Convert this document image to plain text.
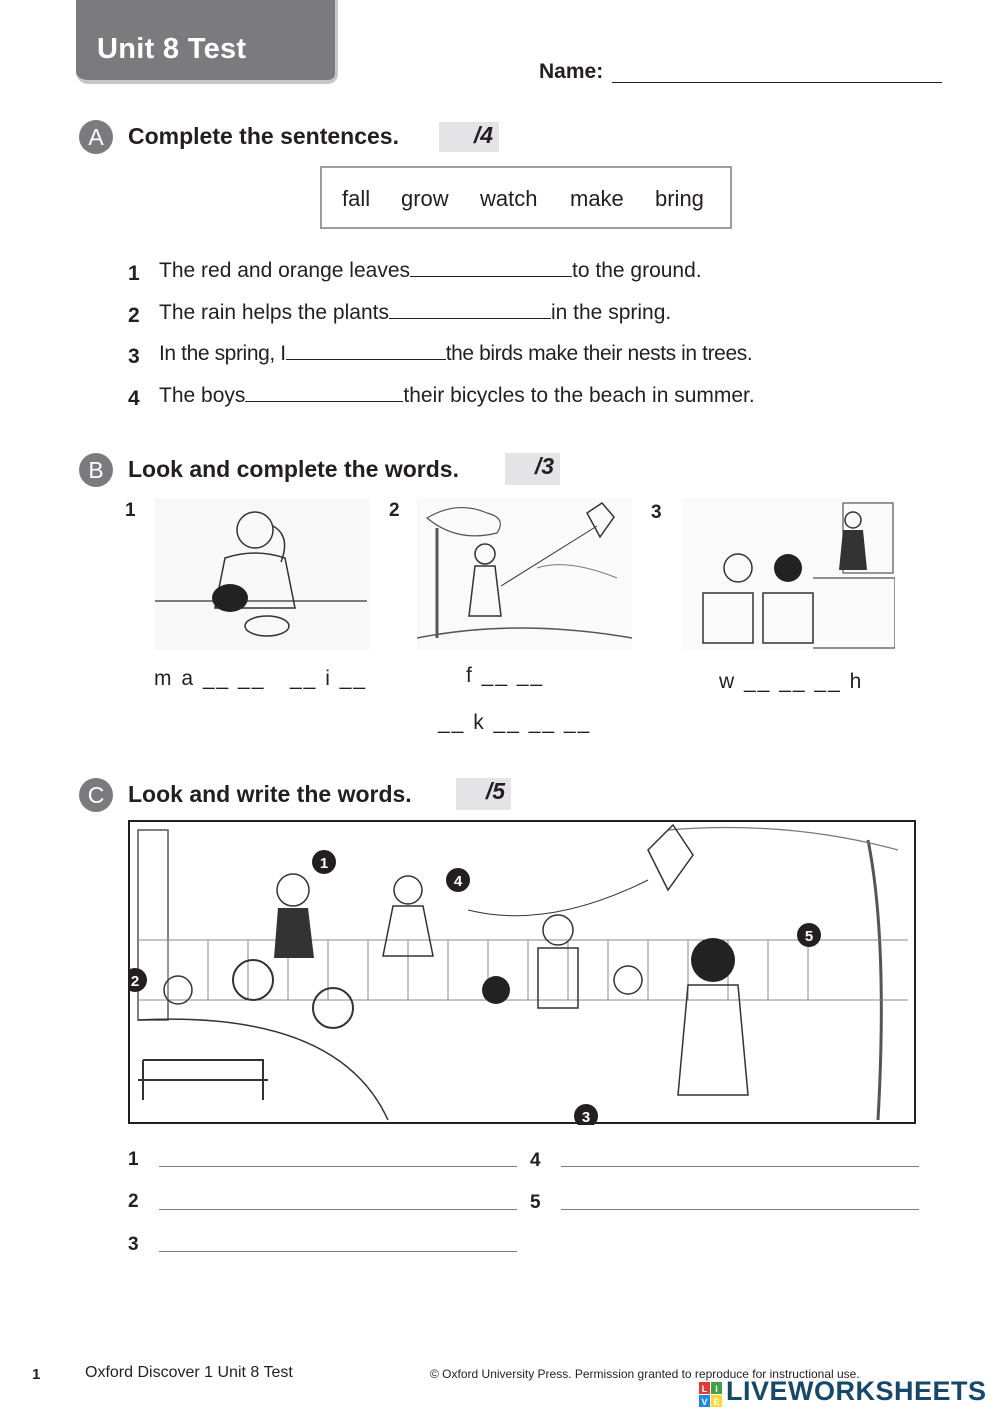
Unit 8 Test
Name:
A	Complete the sentences.	/4
fall grow watch make bring
1 The red and orange leaves	to the ground.
2 The rain helps the plants	in the spring.
3 In the spring, I	the birds make their nests in trees.
4 The boys	their bicycles to the beach in summer.
B	Look and complete the words.	/3
1
m a __ __ __ i __
2
f __ __
__ k __ __ __
3
w __ __ __ h
C	Look and write the words.	/5
1
2
3
4
5
1
2
3
4
5
1	Oxford Discover 1 Unit 8 Test	© Oxford University Press. Permission granted to reproduce for instructional use.
L I
V E LIVEWORKSHEETS
